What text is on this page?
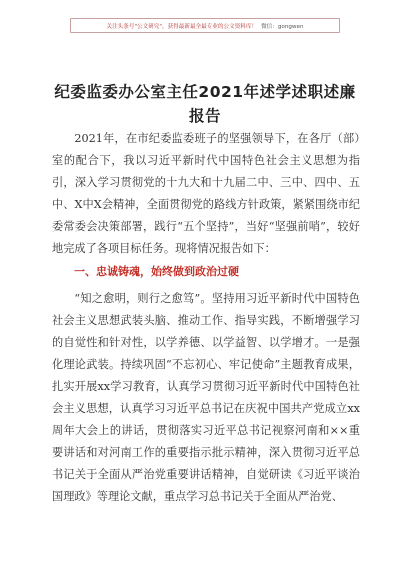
关注头条号"公文研究"，获得最新最全最专业的公文资料库！ 微信：gongwen
纪委监委办公室主任2021年述学述职述廉报告

2021年，在市纪委监委班子的坚强领导下，在各厅（部）室的配合下，我以习近平新时代中国特色社会主义思想为指引，深入学习贯彻党的十九大和十九届二中、三中、四中、五中、X中X会精神，全面贯彻党的路线方针政策，紧紧围绕市纪委常委会决策部署，践行“五个坚持”，当好“坚强前哨”，较好地完成了各项目标任务。现将情况报告如下：

一、忠诚铸魂，始终做到政治过硬

“知之愈明，则行之愈笃”。坚持用习近平新时代中国特色社会主义思想武装头脑、推动工作、指导实践，不断增强学习的自觉性和针对性，以学养德、以学益智、以学增才。一是强化理论武装。持续巩固“不忘初心、牢记使命”主题教育成果，扎实开展xx学习教育，认真学习贯彻习近平新时代中国特色社会主义思想，认真学习习近平总书记在庆祝中国共产党成立xx周年大会上的讲话，贯彻落实习近平总书记视察河南和××重要讲话和对河南工作的重要指示批示精神，深入贯彻习近平总书记关于全面从严治党重要讲话精神，自觉研读《习近平谈治国理政》等理论文献，重点学习总书记关于全面从严治党、
